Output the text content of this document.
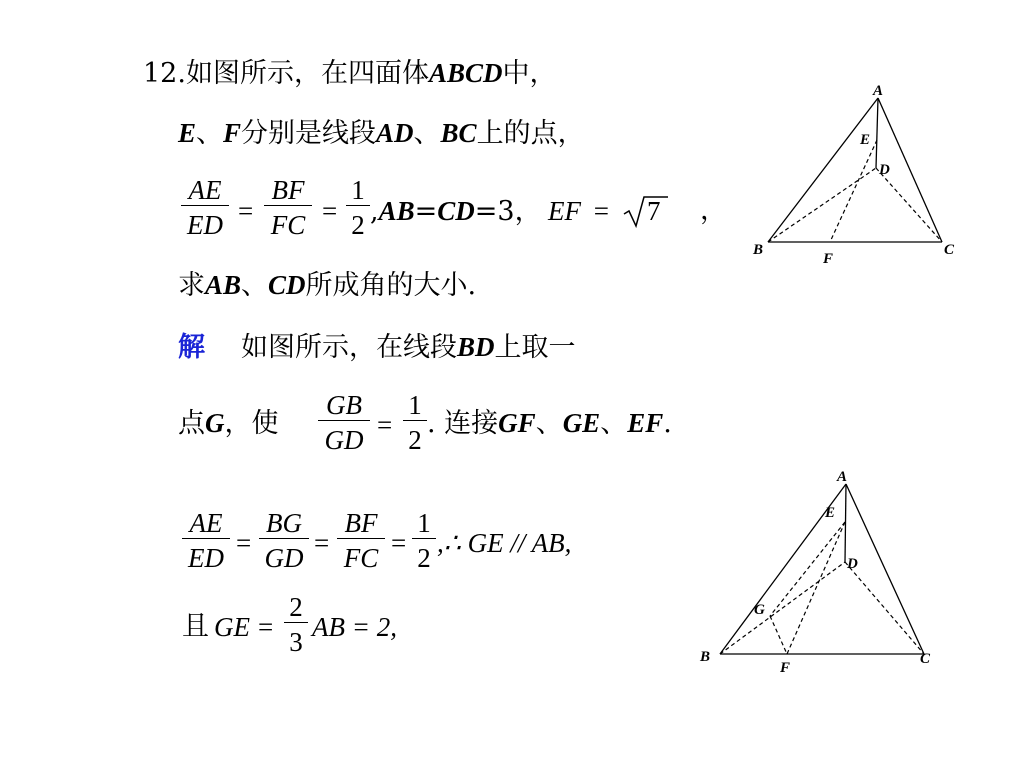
12.如图所示，在四面体ABCD中，
E、F分别是线段AD、BC上的点，
$\frac{AE}{ED} = \frac{BF}{FC} = \frac{1}{2} ,AB=CD=3$， EF = 7 ，
求AB、CD所成角的大小.
解 如图所示，在线段BD上取一
点G，使 $\frac{GB}{GD} = \frac{1}{2}$ . 连接GF、GE、EF.
$\frac{AE}{ED} = \frac{BG}{GD} = \frac{BF}{FC} = \frac{1}{2}$ ,∴ GE // AB,
且 GE = $\frac{2}{3}$ AB = 2,
A
E
D
B
F
C
A
E
D
G
B
F
C
